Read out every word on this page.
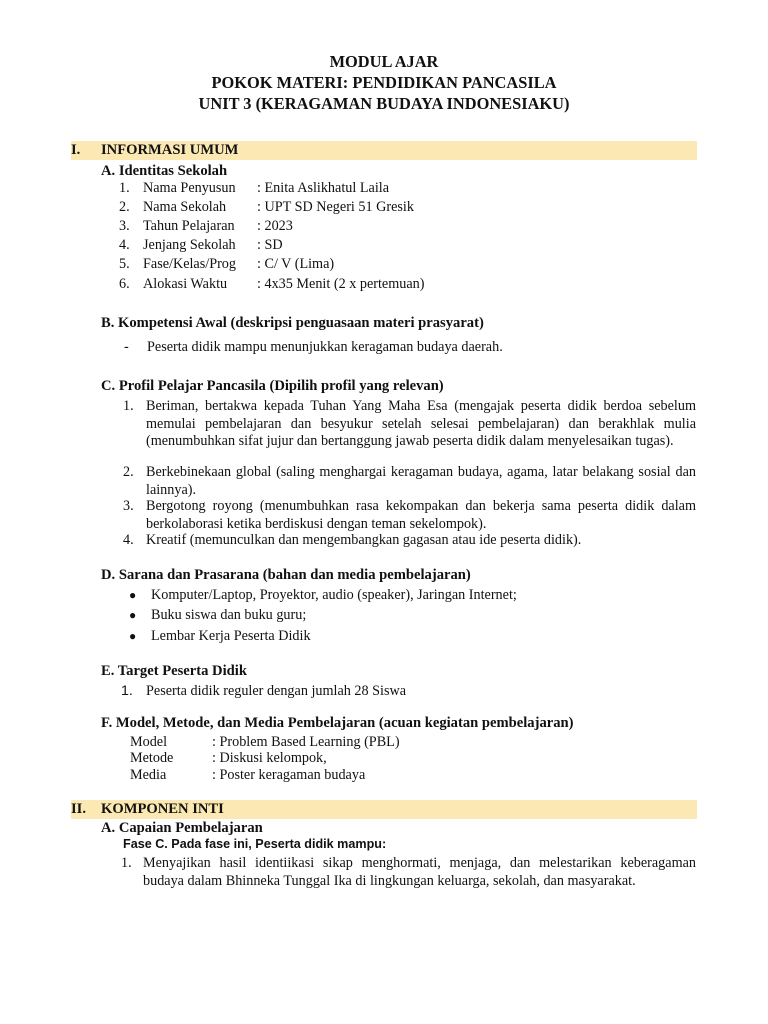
MODUL AJAR
POKOK MATERI: PENDIDIKAN PANCASILA
UNIT 3 (KERAGAMAN BUDAYA INDONESIAKU)
I. INFORMASI UMUM
A. Identitas Sekolah
1. Nama Penyusun : Enita Aslikhatul Laila
2. Nama Sekolah : UPT SD Negeri 51 Gresik
3. Tahun Pelajaran : 2023
4. Jenjang Sekolah : SD
5. Fase/Kelas/Prog : C/ V (Lima)
6. Alokasi Waktu : 4x35 Menit (2 x pertemuan)
B. Kompetensi Awal (deskripsi penguasaan materi prasyarat)
- Peserta didik mampu menunjukkan keragaman budaya daerah.
C. Profil Pelajar Pancasila (Dipilih profil yang relevan)
1. Beriman, bertakwa kepada Tuhan Yang Maha Esa (mengajak peserta didik berdoa sebelum memulai pembelajaran dan besyukur setelah selesai pembelajaran) dan berakhlak mulia (menumbuhkan sifat jujur dan bertanggung jawab peserta didik dalam menyelesaikan tugas).
2. Berkebinekaan global (saling menghargai keragaman budaya, agama, latar belakang sosial dan lainnya).
3. Bergotong royong (menumbuhkan rasa kekompakan dan bekerja sama peserta didik dalam berkolaborasi ketika berdiskusi dengan teman sekelompok).
4. Kreatif (memunculkan dan mengembangkan gagasan atau ide peserta didik).
D. Sarana dan Prasarana (bahan dan media pembelajaran)
● Komputer/Laptop, Proyektor, audio (speaker), Jaringan Internet;
● Buku siswa dan buku guru;
● Lembar Kerja Peserta Didik
E. Target Peserta Didik
1. Peserta didik reguler dengan jumlah 28 Siswa
F. Model, Metode, dan Media Pembelajaran (acuan kegiatan pembelajaran)
Model	: Problem Based Learning (PBL)
Metode	: Diskusi kelompok,
Media	: Poster keragaman budaya
II. KOMPONEN INTI
A. Capaian Pembelajaran
Fase C. Pada fase ini, Peserta didik mampu:
1. Menyajikan hasil identiikasi sikap menghormati, menjaga, dan melestarikan keberagaman budaya dalam Bhinneka Tunggal Ika di lingkungan keluarga, sekolah, dan masyarakat.
